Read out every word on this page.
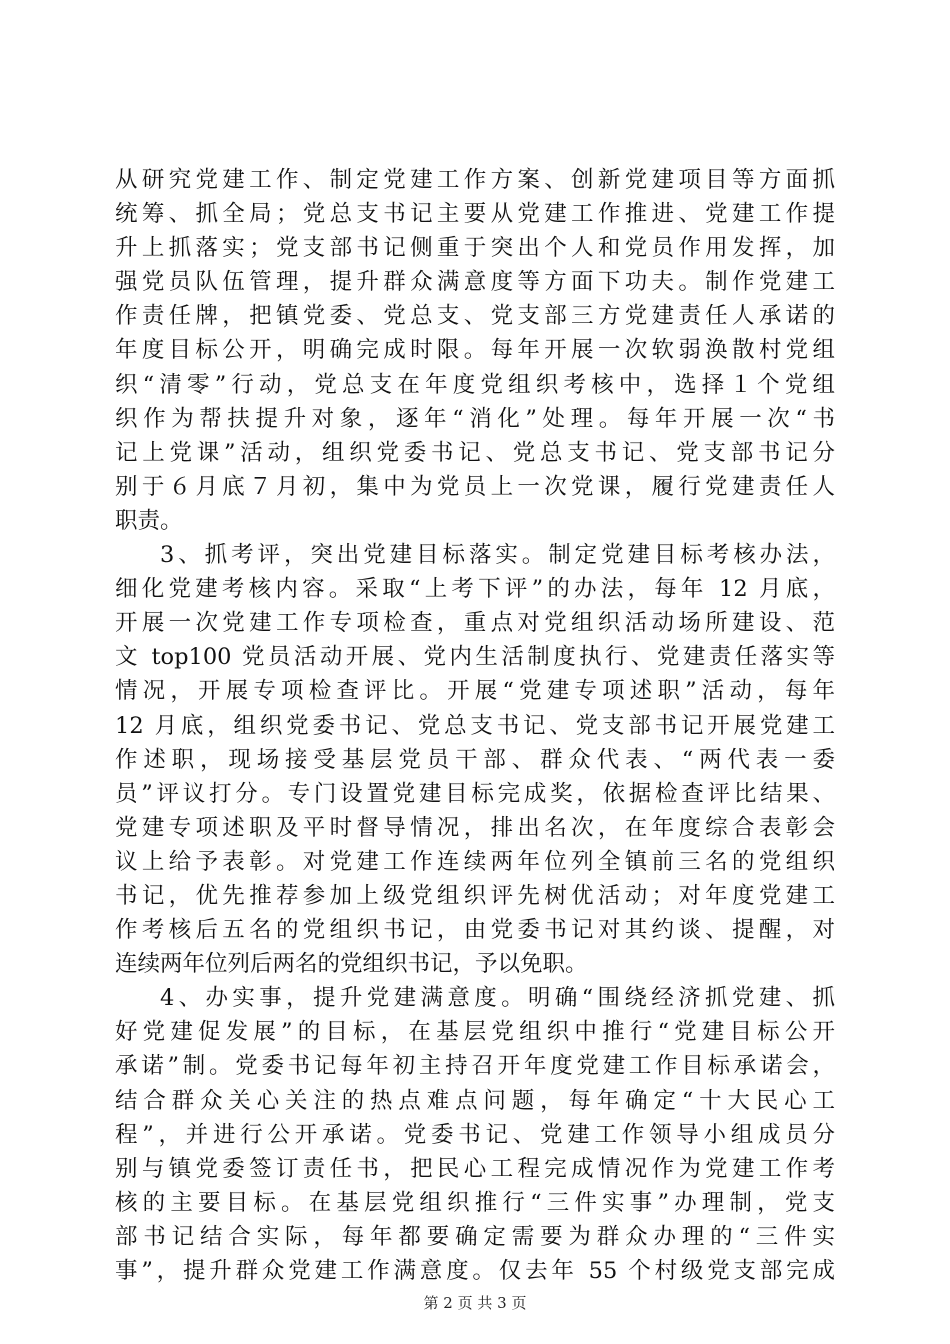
从研究党建工作、制定党建工作方案、创新党建项目等方面抓
统筹、抓全局；党总支书记主要从党建工作推进、党建工作提
升上抓落实；党支部书记侧重于突出个人和党员作用发挥，加
强党员队伍管理，提升群众满意度等方面下功夫。制作党建工
作责任牌，把镇党委、党总支、党支部三方党建责任人承诺的
年度目标公开，明确完成时限。每年开展一次软弱涣散村党组
织“清零”行动，党总支在年度党组织考核中，选择１个党组
织作为帮扶提升对象，逐年“消化”处理。每年开展一次“书
记上党课”活动，组织党委书记、党总支书记、党支部书记分
别于６月底７月初，集中为党员上一次党课，履行党建责任人
职责。
3、抓考评，突出党建目标落实。制定党建目标考核办法，
细化党建考核内容。采取“上考下评”的办法，每年 12 月底，
开展一次党建工作专项检查，重点对党组织活动场所建设、范
文 top100 党员活动开展、党内生活制度执行、党建责任落实等
情况，开展专项检查评比。开展“党建专项述职”活动，每年
12 月底，组织党委书记、党总支书记、党支部书记开展党建工
作述职，现场接受基层党员干部、群众代表、“两代表一委
员”评议打分。专门设置党建目标完成奖，依据检查评比结果、
党建专项述职及平时督导情况，排出名次，在年度综合表彰会
议上给予表彰。对党建工作连续两年位列全镇前三名的党组织
书记，优先推荐参加上级党组织评先树优活动；对年度党建工
作考核后五名的党组织书记，由党委书记对其约谈、提醒，对
连续两年位列后两名的党组织书记，予以免职。
4、办实事，提升党建满意度。明确“围绕经济抓党建、抓
好党建促发展”的目标，在基层党组织中推行“党建目标公开
承诺”制。党委书记每年初主持召开年度党建工作目标承诺会，
结合群众关心关注的热点难点问题，每年确定“十大民心工
程”，并进行公开承诺。党委书记、党建工作领导小组成员分
别与镇党委签订责任书，把民心工程完成情况作为党建工作考
核的主要目标。在基层党组织推行“三件实事”办理制，党支
部书记结合实际，每年都要确定需要为群众办理的“三件实
事”，提升群众党建工作满意度。仅去年 55 个村级党支部完成
第 2 页 共 3 页
